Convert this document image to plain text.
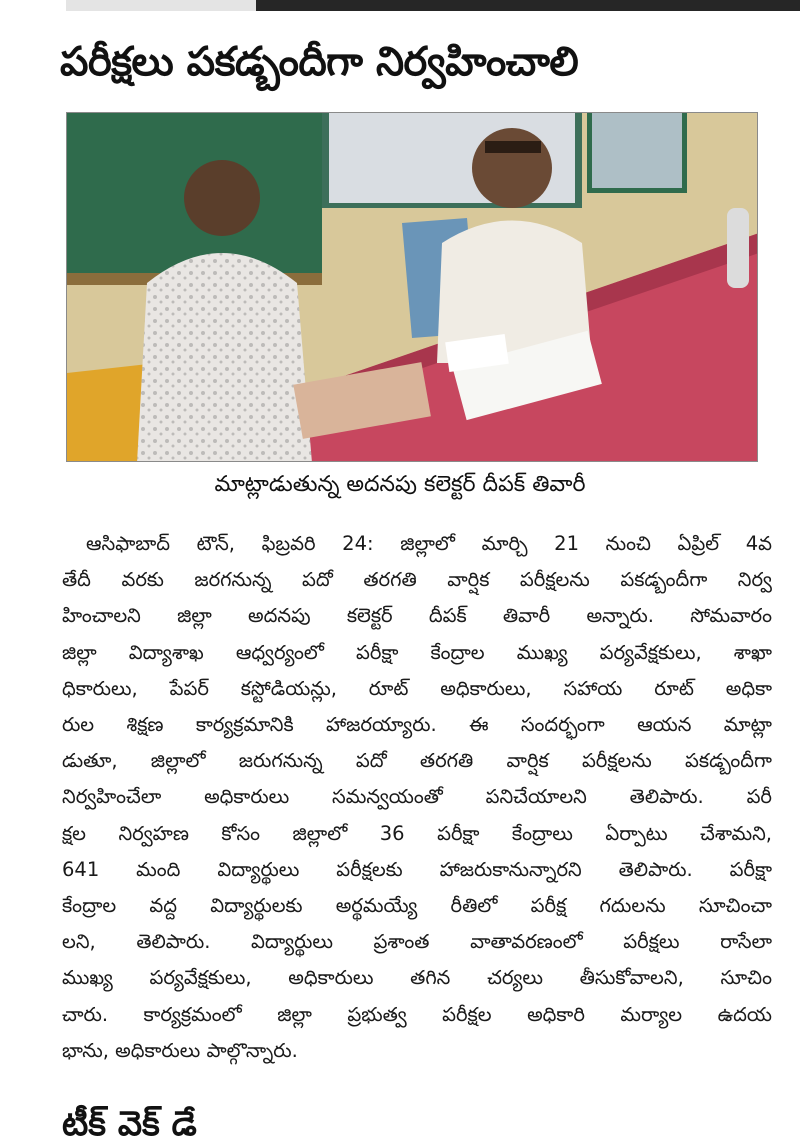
పరీక్షలు పకడ్బందీగా నిర్వహించాలి
మాట్లాడుతున్న అదనపు కలెక్టర్ దీపక్ తివారీ
ఆసిఫాబాద్ టౌన్, ఫిబ్రవరి 24: జిల్లాలో మార్చి 21 నుంచి ఏప్రిల్ 4వ
తేదీ వరకు జరగనున్న పదో తరగతి వార్షిక పరీక్షలను పకడ్బందీగా నిర్వ
హించాలని జిల్లా అదనపు కలెక్టర్ దీపక్ తివారీ అన్నారు. సోమవారం
జిల్లా విద్యాశాఖ ఆధ్వర్యంలో పరీక్షా కేంద్రాల ముఖ్య పర్యవేక్షకులు, శాఖా
ధికారులు, పేపర్ కస్టోడియన్లు, రూట్ అధికారులు, సహాయ రూట్ అధికా
రుల శిక్షణ కార్యక్రమానికి హాజరయ్యారు. ఈ సందర్భంగా ఆయన మాట్లా
డుతూ, జిల్లాలో జరుగనున్న పదో తరగతి వార్షిక పరీక్షలను పకడ్బందీగా
నిర్వహించేలా అధికారులు సమన్వయంతో పనిచేయాలని తెలిపారు. పరీ
క్షల నిర్వహణ కోసం జిల్లాలో 36 పరీక్షా కేంద్రాలు ఏర్పాటు చేశామని,
641 మంది విద్యార్థులు పరీక్షలకు హాజరుకానున్నారని తెలిపారు. పరీక్షా
కేంద్రాల వద్ద విద్యార్థులకు అర్థమయ్యే రీతిలో పరీక్ష గదులను సూచించా
లని, తెలిపారు. విద్యార్థులు ప్రశాంత వాతావరణంలో పరీక్షలు రాసేలా
ముఖ్య పర్యవేక్షకులు, అధికారులు తగిన చర్యలు తీసుకోవాలని, సూచిం
చారు. కార్యక్రమంలో జిల్లా ప్రభుత్వ పరీక్షల అధికారి మర్యాల ఉదయ
భాను, అధికారులు పాల్గొన్నారు.
టీక్ వెక్ డే
